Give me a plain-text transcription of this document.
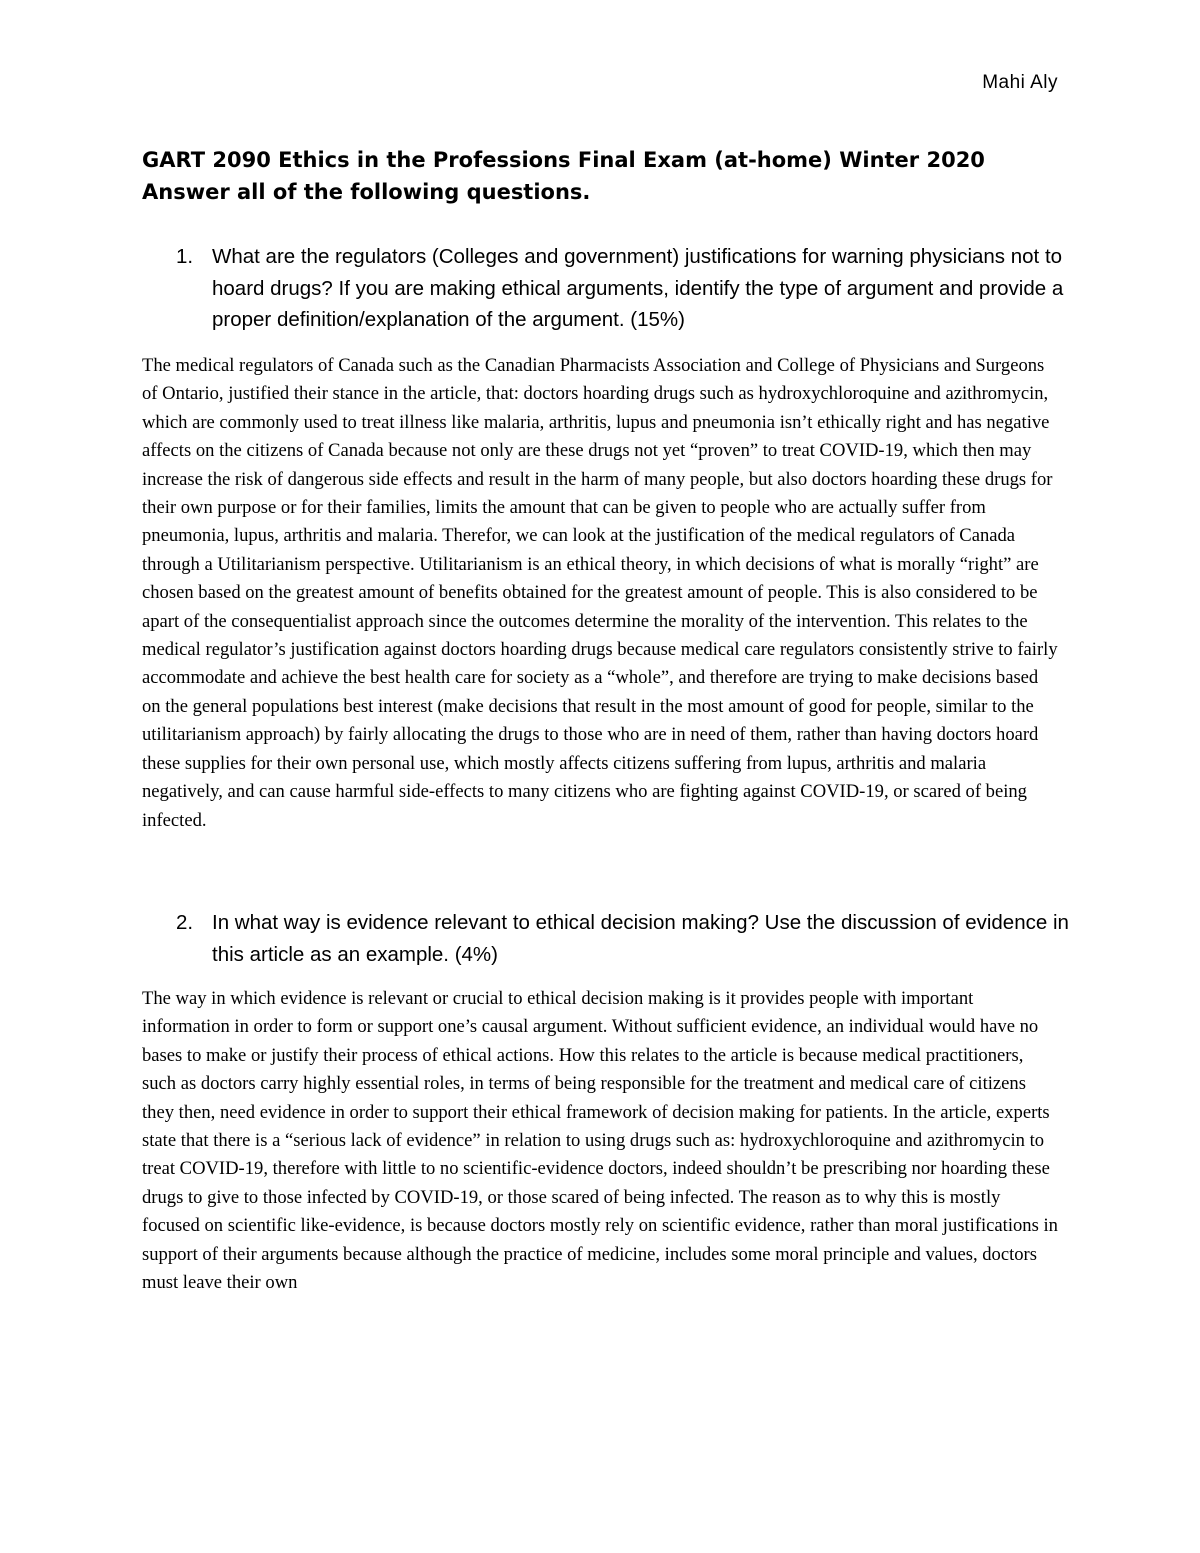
Mahi Aly
GART 2090 Ethics in the Professions Final Exam (at-home) Winter 2020
Answer all of the following questions.
1. What are the regulators (Colleges and government) justifications for warning physicians not to hoard drugs? If you are making ethical arguments, identify the type of argument and provide a proper definition/explanation of the argument. (15%)
The medical regulators of Canada such as the Canadian Pharmacists Association and College of Physicians and Surgeons of Ontario, justified their stance in the article, that: doctors hoarding drugs such as hydroxychloroquine and azithromycin, which are commonly used to treat illness like malaria, arthritis, lupus and pneumonia isn’t ethically right and has negative affects on the citizens of Canada because not only are these drugs not yet “proven” to treat COVID-19, which then may increase the risk of dangerous side effects and result in the harm of many people, but also doctors hoarding these drugs for their own purpose or for their families, limits the amount that can be given to people who are actually suffer from pneumonia, lupus, arthritis and malaria. Therefor, we can look at the justification of the medical regulators of Canada through a Utilitarianism perspective. Utilitarianism is an ethical theory, in which decisions of what is morally “right” are chosen based on the greatest amount of benefits obtained for the greatest amount of people. This is also considered to be apart of the consequentialist approach since the outcomes determine the morality of the intervention. This relates to the medical regulator’s justification against doctors hoarding drugs because medical care regulators consistently strive to fairly accommodate and achieve the best health care for society as a “whole”, and therefore are trying to make decisions based on the general populations best interest (make decisions that result in the most amount of good for people, similar to the utilitarianism approach) by fairly allocating the drugs to those who are in need of them, rather than having doctors hoard these supplies for their own personal use, which mostly affects citizens suffering from lupus, arthritis and malaria negatively, and can cause harmful side-effects to many citizens who are fighting against COVID-19, or scared of being infected.
2. In what way is evidence relevant to ethical decision making? Use the discussion of evidence in this article as an example. (4%)
The way in which evidence is relevant or crucial to ethical decision making is it provides people with important information in order to form or support one’s causal argument. Without sufficient evidence, an individual would have no bases to make or justify their process of ethical actions. How this relates to the article is because medical practitioners, such as doctors carry highly essential roles, in terms of being responsible for the treatment and medical care of citizens they then, need evidence in order to support their ethical framework of decision making for patients. In the article, experts state that there is a “serious lack of evidence” in relation to using drugs such as: hydroxychloroquine and azithromycin to treat COVID-19, therefore with little to no scientific-evidence doctors, indeed shouldn’t be prescribing nor hoarding these drugs to give to those infected by COVID-19, or those scared of being infected. The reason as to why this is mostly focused on scientific like-evidence, is because doctors mostly rely on scientific evidence, rather than moral justifications in support of their arguments because although the practice of medicine, includes some moral principle and values, doctors must leave their own
